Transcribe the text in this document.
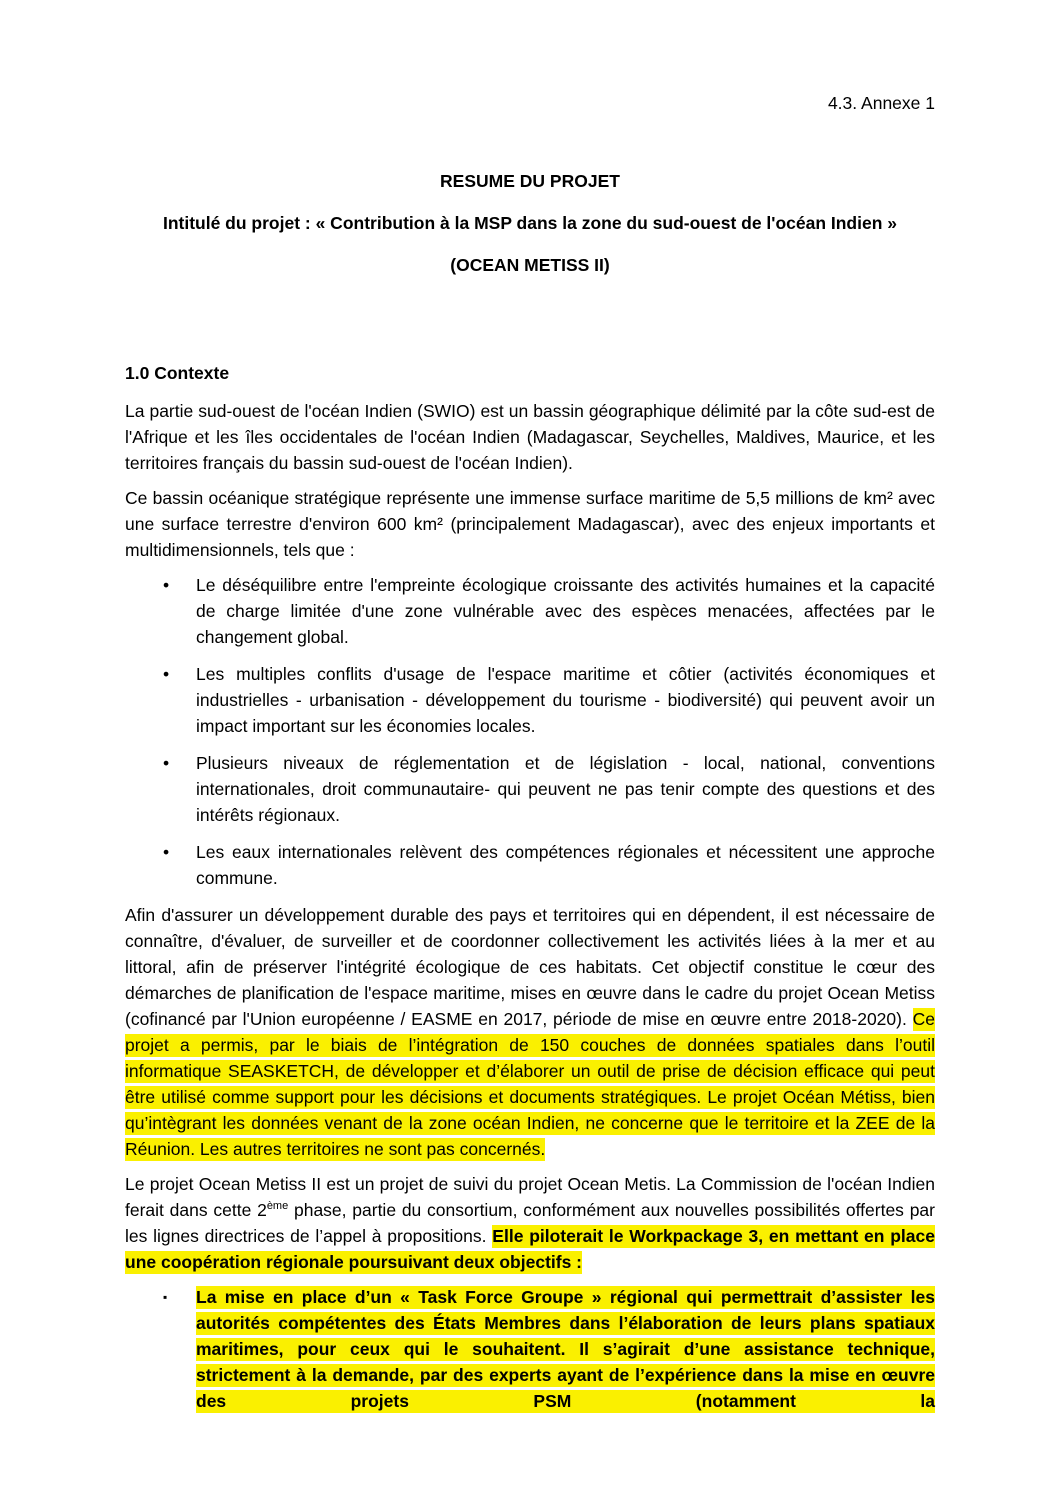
4.3. Annexe 1

RESUME DU PROJET

Intitulé du projet : « Contribution à la MSP dans la zone du sud-ouest de l'océan Indien »

(OCEAN METISS II)

1.0 Contexte

La partie sud-ouest de l'océan Indien (SWIO) est un bassin géographique délimité par la côte sud-est de l'Afrique et les îles occidentales de l'océan Indien (Madagascar, Seychelles, Maldives, Maurice, et les territoires français du bassin sud-ouest de l'océan Indien).

Ce bassin océanique stratégique représente une immense surface maritime de 5,5 millions de km² avec une surface terrestre d'environ 600 km² (principalement Madagascar), avec des enjeux importants et multidimensionnels, tels que :

• Le déséquilibre entre l'empreinte écologique croissante des activités humaines et la capacité de charge limitée d'une zone vulnérable avec des espèces menacées, affectées par le changement global.
• Les multiples conflits d'usage de l'espace maritime et côtier (activités économiques et industrielles - urbanisation - développement du tourisme - biodiversité) qui peuvent avoir un impact important sur les économies locales.
• Plusieurs niveaux de réglementation et de législation - local, national, conventions internationales, droit communautaire- qui peuvent ne pas tenir compte des questions et des intérêts régionaux.
• Les eaux internationales relèvent des compétences régionales et nécessitent une approche commune.

Afin d'assurer un développement durable des pays et territoires qui en dépendent, il est nécessaire de connaître, d'évaluer, de surveiller et de coordonner collectivement les activités liées à la mer et au littoral, afin de préserver l'intégrité écologique de ces habitats. Cet objectif constitue le cœur des démarches de planification de l'espace maritime, mises en œuvre dans le cadre du projet Ocean Metiss (cofinancé par l'Union européenne / EASME en 2017, période de mise en œuvre entre 2018-2020). Ce projet a permis, par le biais de l’intégration de 150 couches de données spatiales dans l’outil informatique SEASKETCH, de développer et d’élaborer un outil de prise de décision efficace qui peut être utilisé comme support pour les décisions et documents stratégiques. Le projet Océan Métiss, bien qu’intègrant les données venant de la zone océan Indien, ne concerne que le territoire et la ZEE de la Réunion. Les autres territoires ne sont pas concernés.

Le projet Ocean Metiss II est un projet de suivi du projet Ocean Metis. La Commission de l'océan Indien ferait dans cette 2ème phase, partie du consortium, conformément aux nouvelles possibilités offertes par les lignes directrices de l’appel à propositions. Elle piloterait le Workpackage 3, en mettant en place une coopération régionale poursuivant deux objectifs :

▪ La mise en place d’un « Task Force Groupe » régional qui permettrait d’assister les autorités compétentes des États Membres dans l’élaboration de leurs plans spatiaux maritimes, pour ceux qui le souhaitent. Il s’agirait d’une assistance technique, strictement à la demande, par des experts ayant de l’expérience dans la mise en œuvre des projets PSM (notamment la
